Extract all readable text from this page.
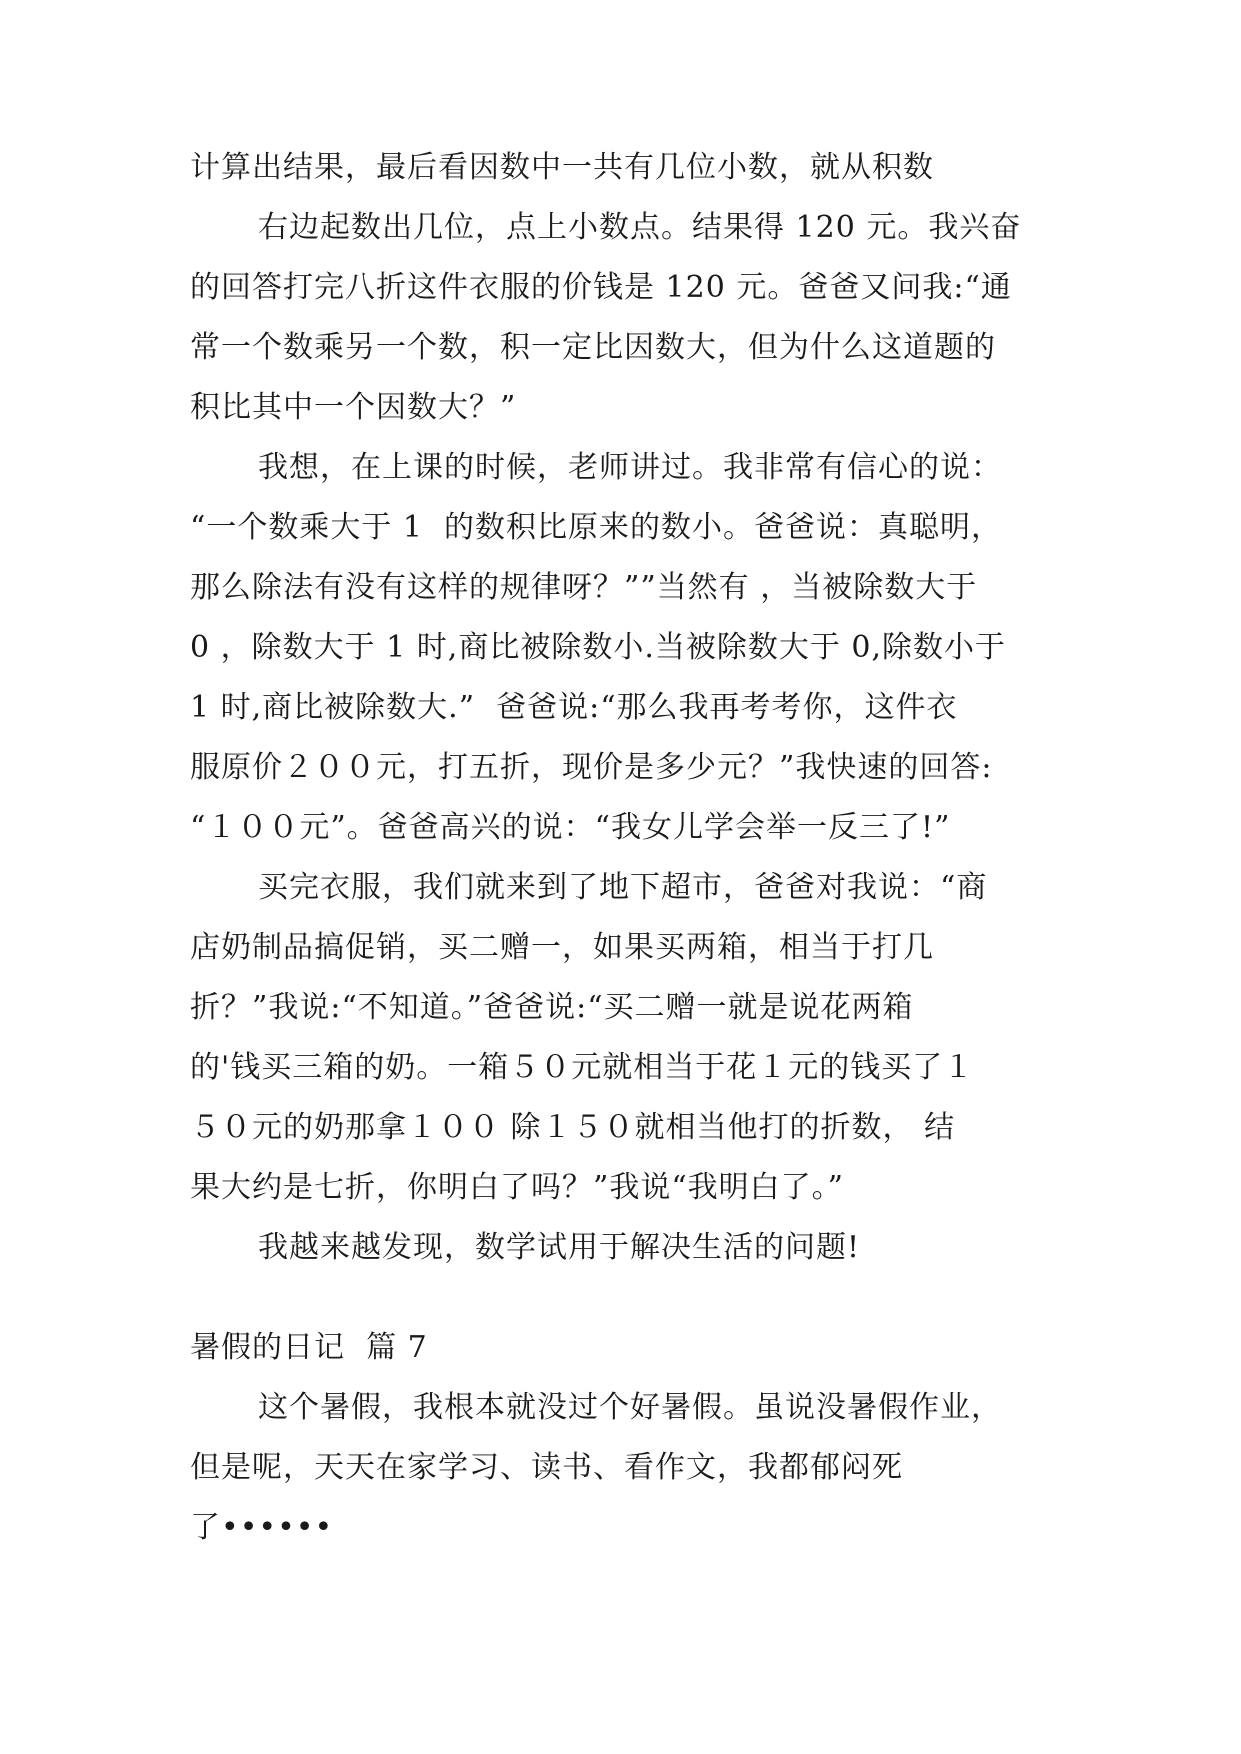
计算出结果，最后看因数中一共有几位小数，就从积数
右边起数出几位，点上小数点。结果得 120 元。我兴奋
的回答打完八折这件衣服的价钱是 120 元。爸爸又问我:“通
常一个数乘另一个数，积一定比因数大，但为什么这道题的
积比其中一个因数大？”
我想，在上课的时候，老师讲过。我非常有信心的说：
“一个数乘大于 1  的数积比原来的数小。爸爸说：真聪明，
那么除法有没有这样的规律呀？””当然有 ，当被除数大于
0 ，除数大于 1 时,商比被除数小.当被除数大于 0,除数小于
1 时,商比被除数大.”  爸爸说:“那么我再考考你，这件衣
服原价２００元，打五折，现价是多少元？”我快速的回答:
“１００元”。爸爸高兴的说：“我女儿学会举一反三了!”
买完衣服，我们就来到了地下超市，爸爸对我说：“商
店奶制品搞促销，买二赠一，如果买两箱，相当于打几
折？”我说:“不知道。”爸爸说:“买二赠一就是说花两箱
的'钱买三箱的奶。一箱５０元就相当于花１元的钱买了１
５０元的奶那拿１００ 除１５０就相当他打的折数， 结
果大约是七折，你明白了吗？”我说“我明白了。”
我越来越发现，数学试用于解决生活的问题!
暑假的日记  篇 7
这个暑假，我根本就没过个好暑假。虽说没暑假作业，
但是呢，天天在家学习、读书、看作文，我都郁闷死
了••••••
